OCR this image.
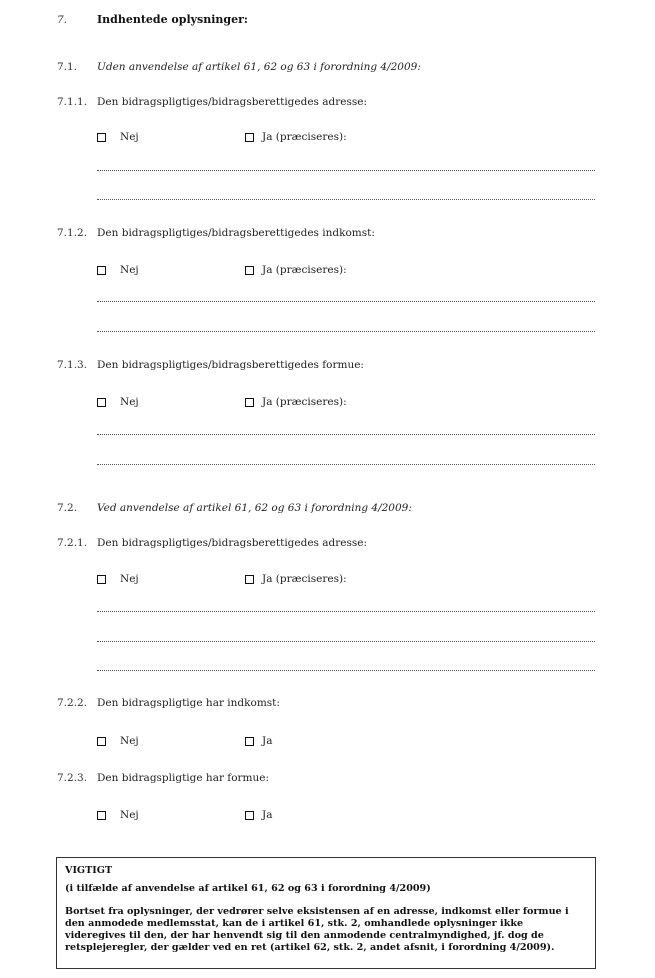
7.	Indhentede oplysninger:
7.1. Uden anvendelse af artikel 61, 62 og 63 i forordning 4/2009:
7.1.1. Den bidragspligtiges/bidragsberettigedes adresse:
Nej	Ja (præciseres):
7.1.2. Den bidragspligtiges/bidragsberettigedes indkomst:
Nej	Ja (præciseres):
7.1.3. Den bidragspligtiges/bidragsberettigedes formue:
Nej	Ja (præciseres):
7.2. Ved anvendelse af artikel 61, 62 og 63 i forordning 4/2009:
7.2.1. Den bidragspligtiges/bidragsberettigedes adresse:
Nej	Ja (præciseres):
7.2.2. Den bidragspligtige har indkomst:
Nej	Ja
7.2.3. Den bidragspligtige har formue:
Nej	Ja

VIGTIGT

(i tilfælde af anvendelse af artikel 61, 62 og 63 i forordning 4/2009)

Bortset fra oplysninger, der vedrører selve eksistensen af en adresse, indkomst eller formue i den anmodede medlemsstat, kan de i artikel 61, stk. 2, omhandlede oplysninger ikke videregives til den, der har henvendt sig til den anmodende centralmyndighed, jf. dog de retsplejeregler, der gælder ved en ret (artikel 62, stk. 2, andet afsnit, i forordning 4/2009).
